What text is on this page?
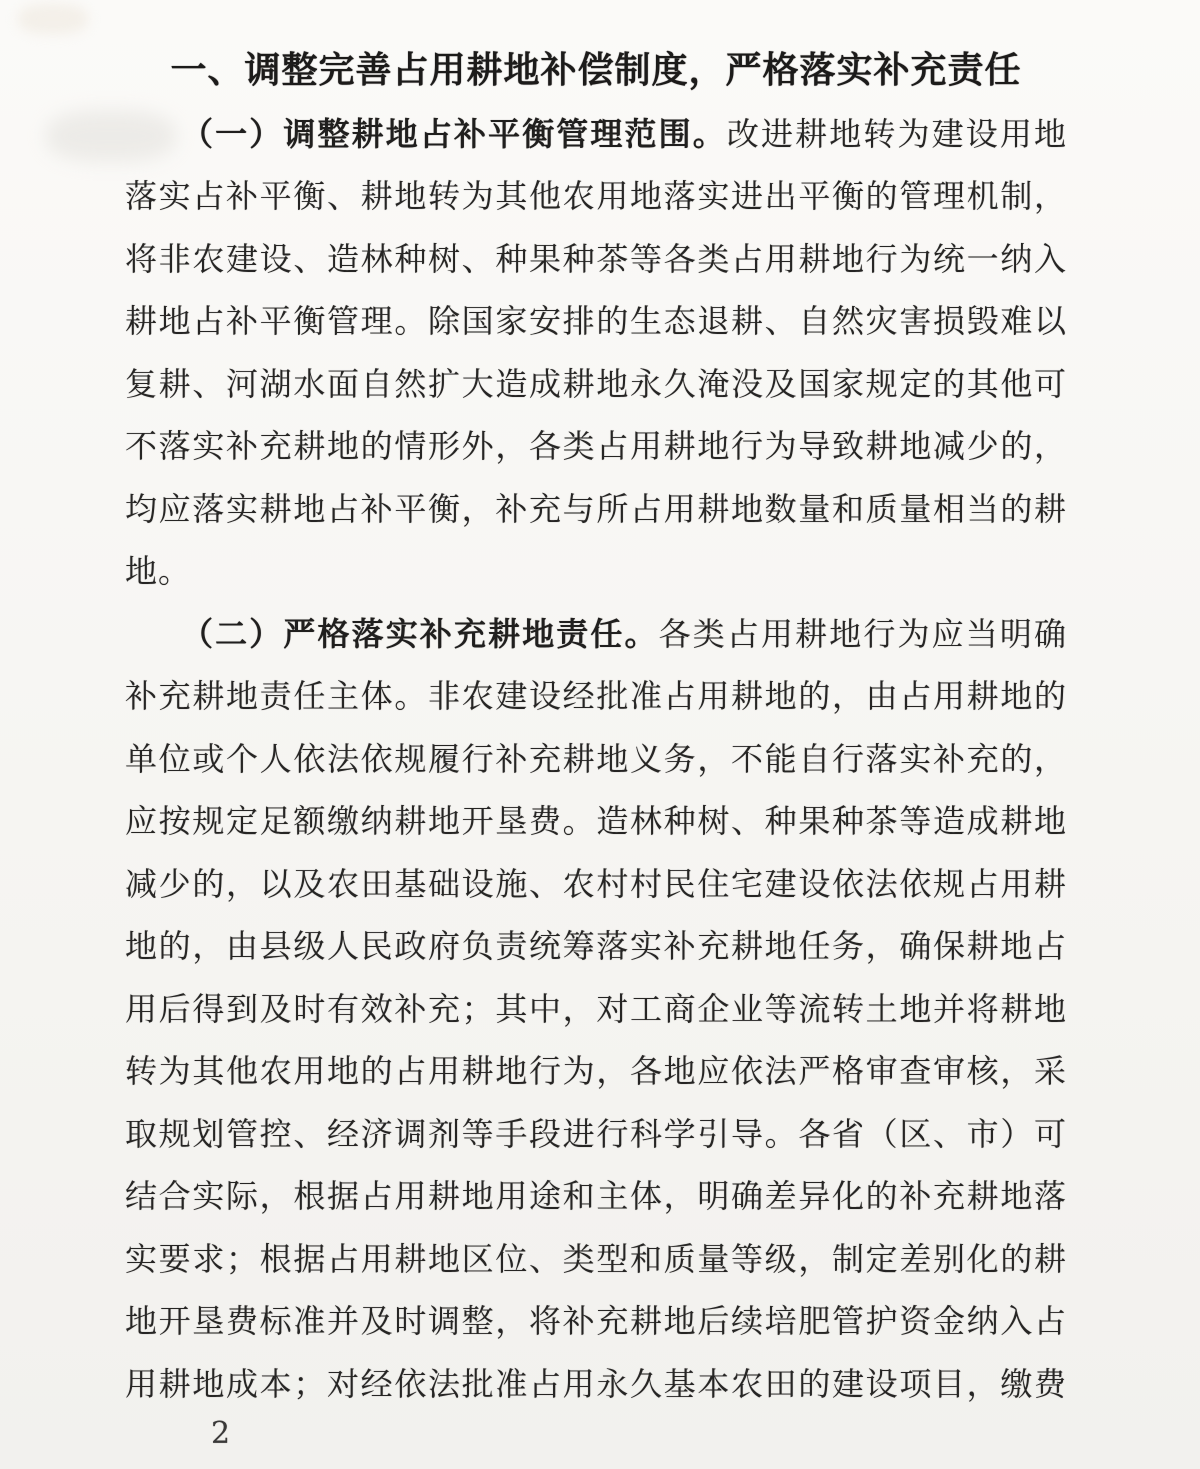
一、调整完善占用耕地补偿制度，严格落实补充责任
（一）调整耕地占补平衡管理范围。改进耕地转为建设用地
落实占补平衡、耕地转为其他农用地落实进出平衡的管理机制，
将非农建设、造林种树、种果种茶等各类占用耕地行为统一纳入
耕地占补平衡管理。除国家安排的生态退耕、自然灾害损毁难以
复耕、河湖水面自然扩大造成耕地永久淹没及国家规定的其他可
不落实补充耕地的情形外，各类占用耕地行为导致耕地减少的，
均应落实耕地占补平衡，补充与所占用耕地数量和质量相当的耕
地。
（二）严格落实补充耕地责任。各类占用耕地行为应当明确
补充耕地责任主体。非农建设经批准占用耕地的，由占用耕地的
单位或个人依法依规履行补充耕地义务，不能自行落实补充的，
应按规定足额缴纳耕地开垦费。造林种树、种果种茶等造成耕地
减少的，以及农田基础设施、农村村民住宅建设依法依规占用耕
地的，由县级人民政府负责统筹落实补充耕地任务，确保耕地占
用后得到及时有效补充；其中，对工商企业等流转土地并将耕地
转为其他农用地的占用耕地行为，各地应依法严格审查审核，采
取规划管控、经济调剂等手段进行科学引导。各省（区、市）可
结合实际，根据占用耕地用途和主体，明确差异化的补充耕地落
实要求；根据占用耕地区位、类型和质量等级，制定差别化的耕
地开垦费标准并及时调整，将补充耕地后续培肥管护资金纳入占
用耕地成本；对经依法批准占用永久基本农田的建设项目，缴费
2
